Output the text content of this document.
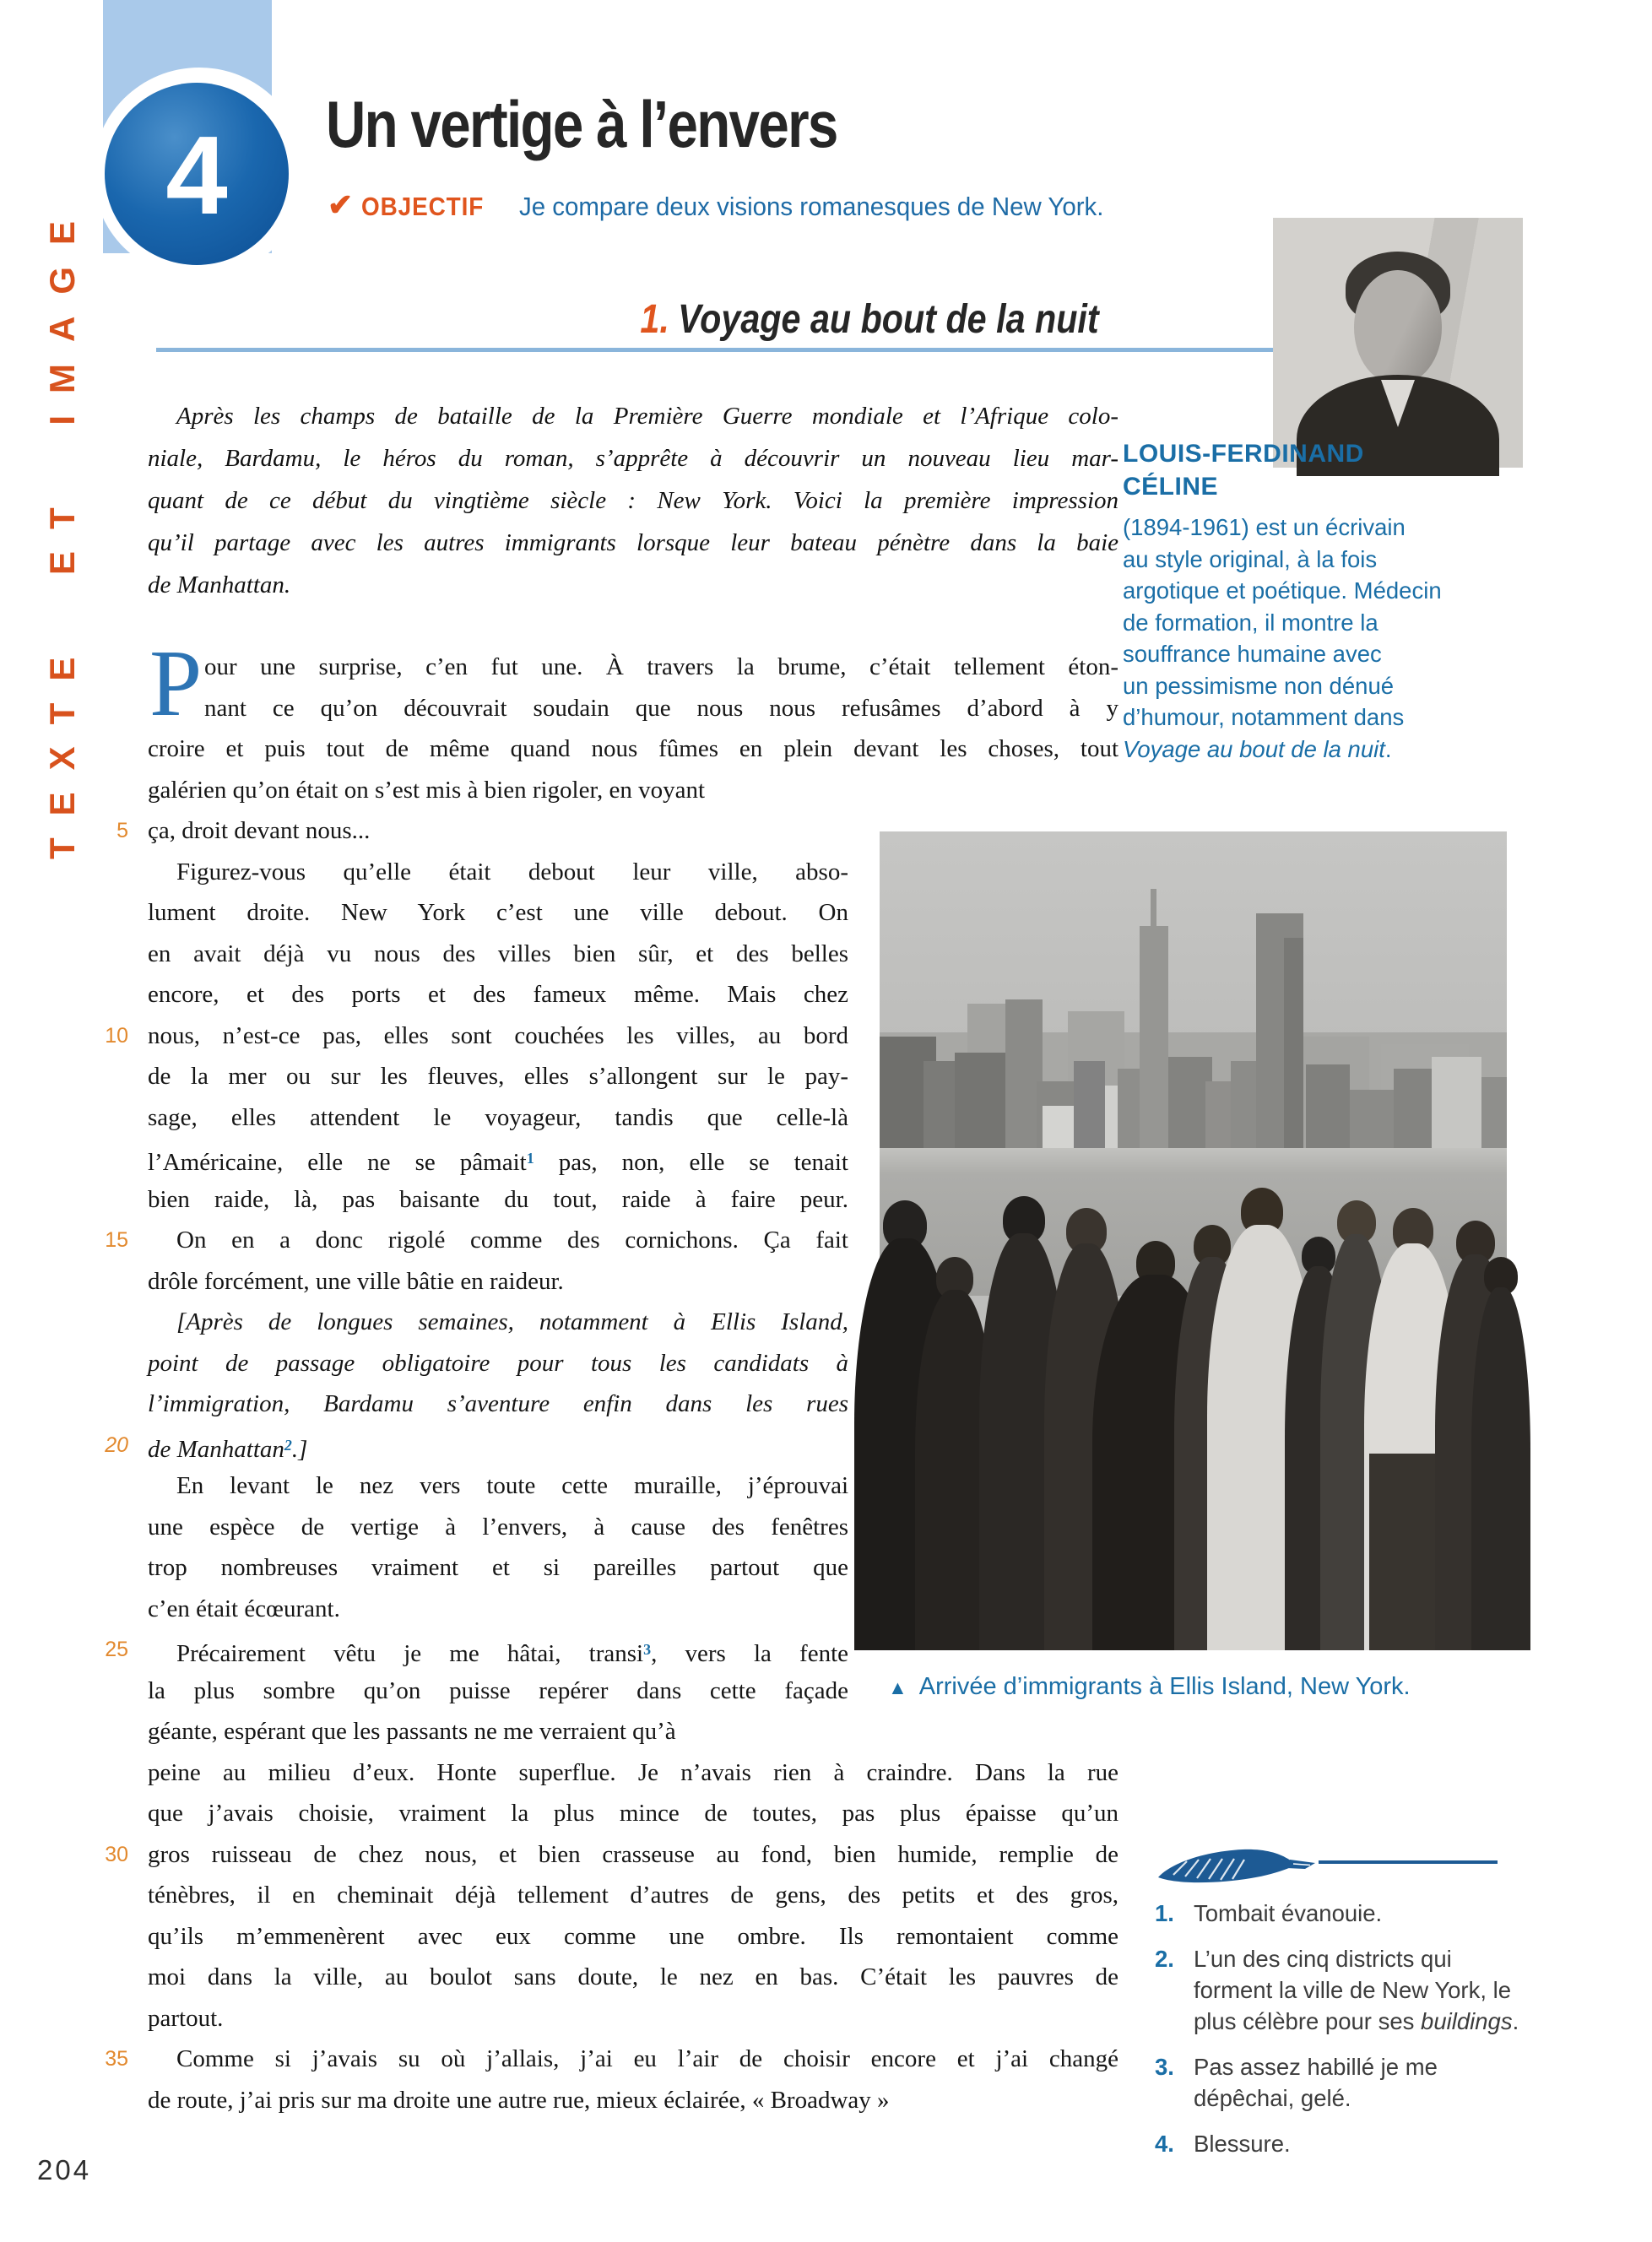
TEXTE ET IMAGE
4 Un vertige à l’envers
✔ OBJECTIF Je compare deux visions romanesques de New York.
1. Voyage au bout de la nuit
LOUIS-FERDINAND
CÉLINE
(1894-1961) est un écrivain
au style original, à la fois
argotique et poétique. Médecin
de formation, il montre la
souffrance humaine avec
un pessimisme non dénué
d’humour, notamment dans
Voyage au bout de la nuit.
Après les champs de bataille de la Première Guerre mondiale et l’Afrique colo-
niale, Bardamu, le héros du roman, s’apprête à découvrir un nouveau lieu mar-
quant de ce début du vingtième siècle : New York. Voici la première impression
qu’il partage avec les autres immigrants lorsque leur bateau pénètre dans la baie
de Manhattan.
P our une surprise, c’en fut une. À travers la brume, c’était tellement éton-
nant ce qu’on découvrait soudain que nous nous refusâmes d’abord à y
croire et puis tout de même quand nous fûmes en plein devant les choses, tout
galérien qu’on était on s’est mis à bien rigoler, en voyant
5 ça, droit devant nous...
Figurez-vous qu’elle était debout leur ville, abso-
lument droite. New York c’est une ville debout. On
en avait déjà vu nous des villes bien sûr, et des belles
encore, et des ports et des fameux même. Mais chez
10 nous, n’est-ce pas, elles sont couchées les villes, au bord
de la mer ou sur les fleuves, elles s’allongent sur le pay-
sage, elles attendent le voyageur, tandis que celle-là
l’Américaine, elle ne se pâmait$^1$ pas, non, elle se tenait
bien raide, là, pas baisante du tout, raide à faire peur.
15	On en a donc rigolé comme des cornichons. Ça fait
drôle forcément, une ville bâtie en raideur.
[Après de longues semaines, notamment à Ellis Island,
point de passage obligatoire pour tous les candidats à
l’immigration, Bardamu s’aventure enfin dans les rues
20 de Manhattan$^2$.]
En levant le nez vers toute cette muraille, j’éprouvai
une espèce de vertige à l’envers, à cause des fenêtres
trop nombreuses vraiment et si pareilles partout que
c’en était écœurant.
25	Précairement vêtu je me hâtai, transi$^3$, vers la fente
la plus sombre qu’on puisse repérer dans cette façade
géante, espérant que les passants ne me verraient qu’à
peine au milieu d’eux. Honte superflue. Je n’avais rien à craindre. Dans la rue
que j’avais choisie, vraiment la plus mince de toutes, pas plus épaisse qu’un
30 gros ruisseau de chez nous, et bien crasseuse au fond, bien humide, remplie de
ténèbres, il en cheminait déjà tellement d’autres de gens, des petits et des gros,
qu’ils m’emmenèrent avec eux comme une ombre. Ils remontaient comme
moi dans la ville, au boulot sans doute, le nez en bas. C’était les pauvres de
partout.
35	Comme si j’avais su où j’allais, j’ai eu l’air de choisir encore et j’ai changé
de route, j’ai pris sur ma droite une autre rue, mieux éclairée, « Broadway »
▲ Arrivée d’immigrants à Ellis Island, New York.
1. Tombait évanouie.
2. L’un des cinq districts qui
forment la ville de New York, le
plus célèbre pour ses buildings.
3. Pas assez habillé je me
dépêchai, gelé.
4. Blessure.
204
